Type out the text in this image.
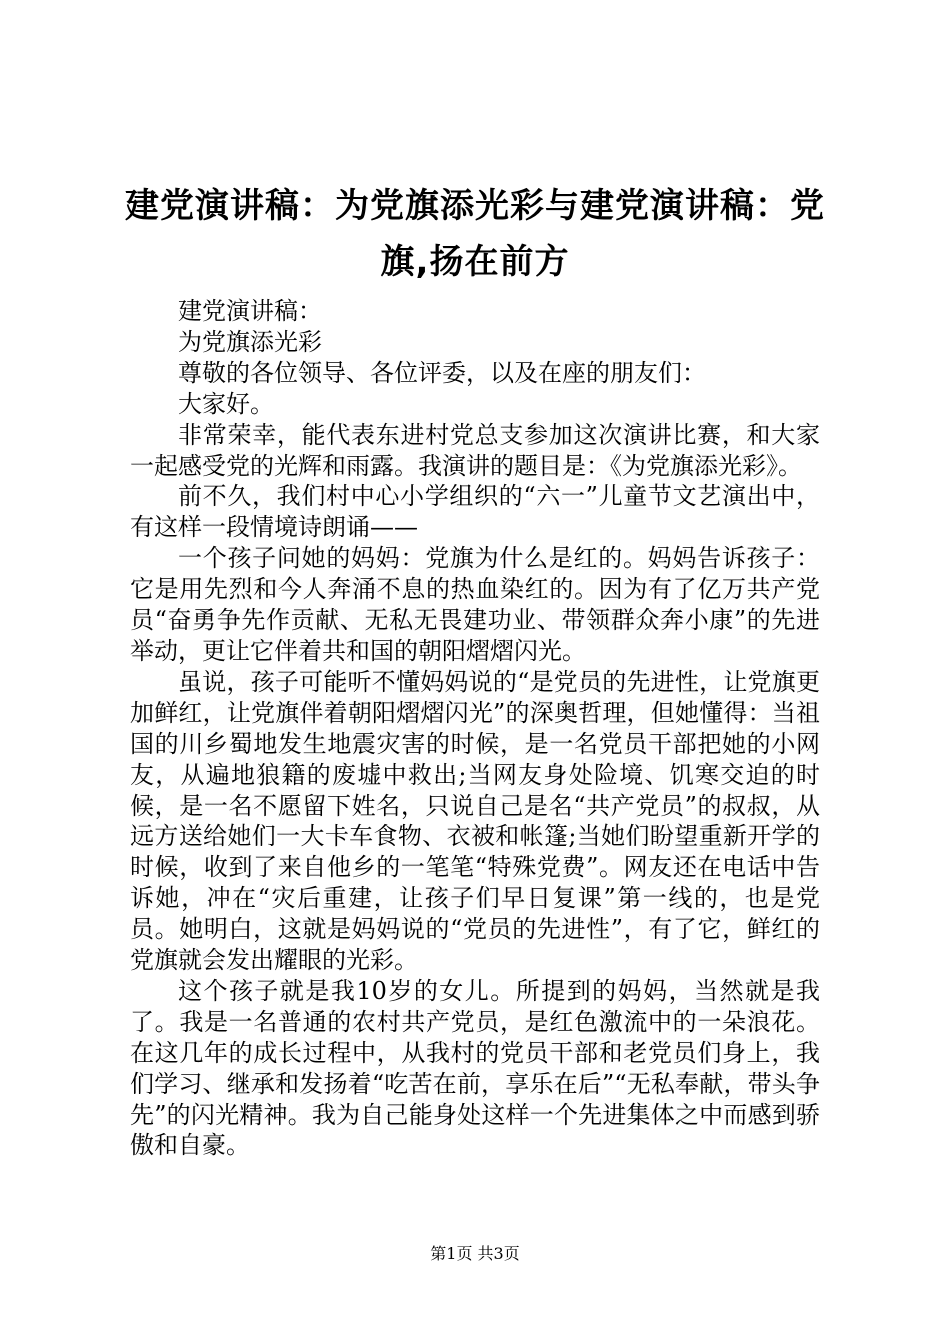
建党演讲稿：为党旗添光彩与建党演讲稿：党旗,扬在前方

建党演讲稿：

为党旗添光彩

尊敬的各位领导、各位评委，以及在座的朋友们：

大家好。

非常荣幸，能代表东进村党总支参加这次演讲比赛，和大家一起感受党的光辉和雨露。我演讲的题目是：《为党旗添光彩》。

前不久，我们村中心小学组织的“六一”儿童节文艺演出中，有这样一段情境诗朗诵——

一个孩子问她的妈妈：党旗为什么是红的。妈妈告诉孩子：它是用先烈和今人奔涌不息的热血染红的。因为有了亿万共产党员“奋勇争先作贡献、无私无畏建功业、带领群众奔小康”的先进举动，更让它伴着共和国的朝阳熠熠闪光。

虽说，孩子可能听不懂妈妈说的“是党员的先进性，让党旗更加鲜红，让党旗伴着朝阳熠熠闪光”的深奥哲理，但她懂得：当祖国的川乡蜀地发生地震灾害的时候，是一名党员干部把她的小网友，从遍地狼籍的废墟中救出;当网友身处险境、饥寒交迫的时候，是一名不愿留下姓名，只说自己是名“共产党员”的叔叔，从远方送给她们一大卡车食物、衣被和帐篷;当她们盼望重新开学的时候，收到了来自他乡的一笔笔“特殊党费”。网友还在电话中告诉她，冲在“灾后重建，让孩子们早日复课”第一线的，也是党员。她明白，这就是妈妈说的“党员的先进性”，有了它，鲜红的党旗就会发出耀眼的光彩。

这个孩子就是我10岁的女儿。所提到的妈妈，当然就是我了。我是一名普通的农村共产党员，是红色激流中的一朵浪花。在这几年的成长过程中，从我村的党员干部和老党员们身上，我们学习、继承和发扬着“吃苦在前，享乐在后”“无私奉献，带头争先”的闪光精神。我为自己能身处这样一个先进集体之中而感到骄傲和自豪。

第1页 共3页
